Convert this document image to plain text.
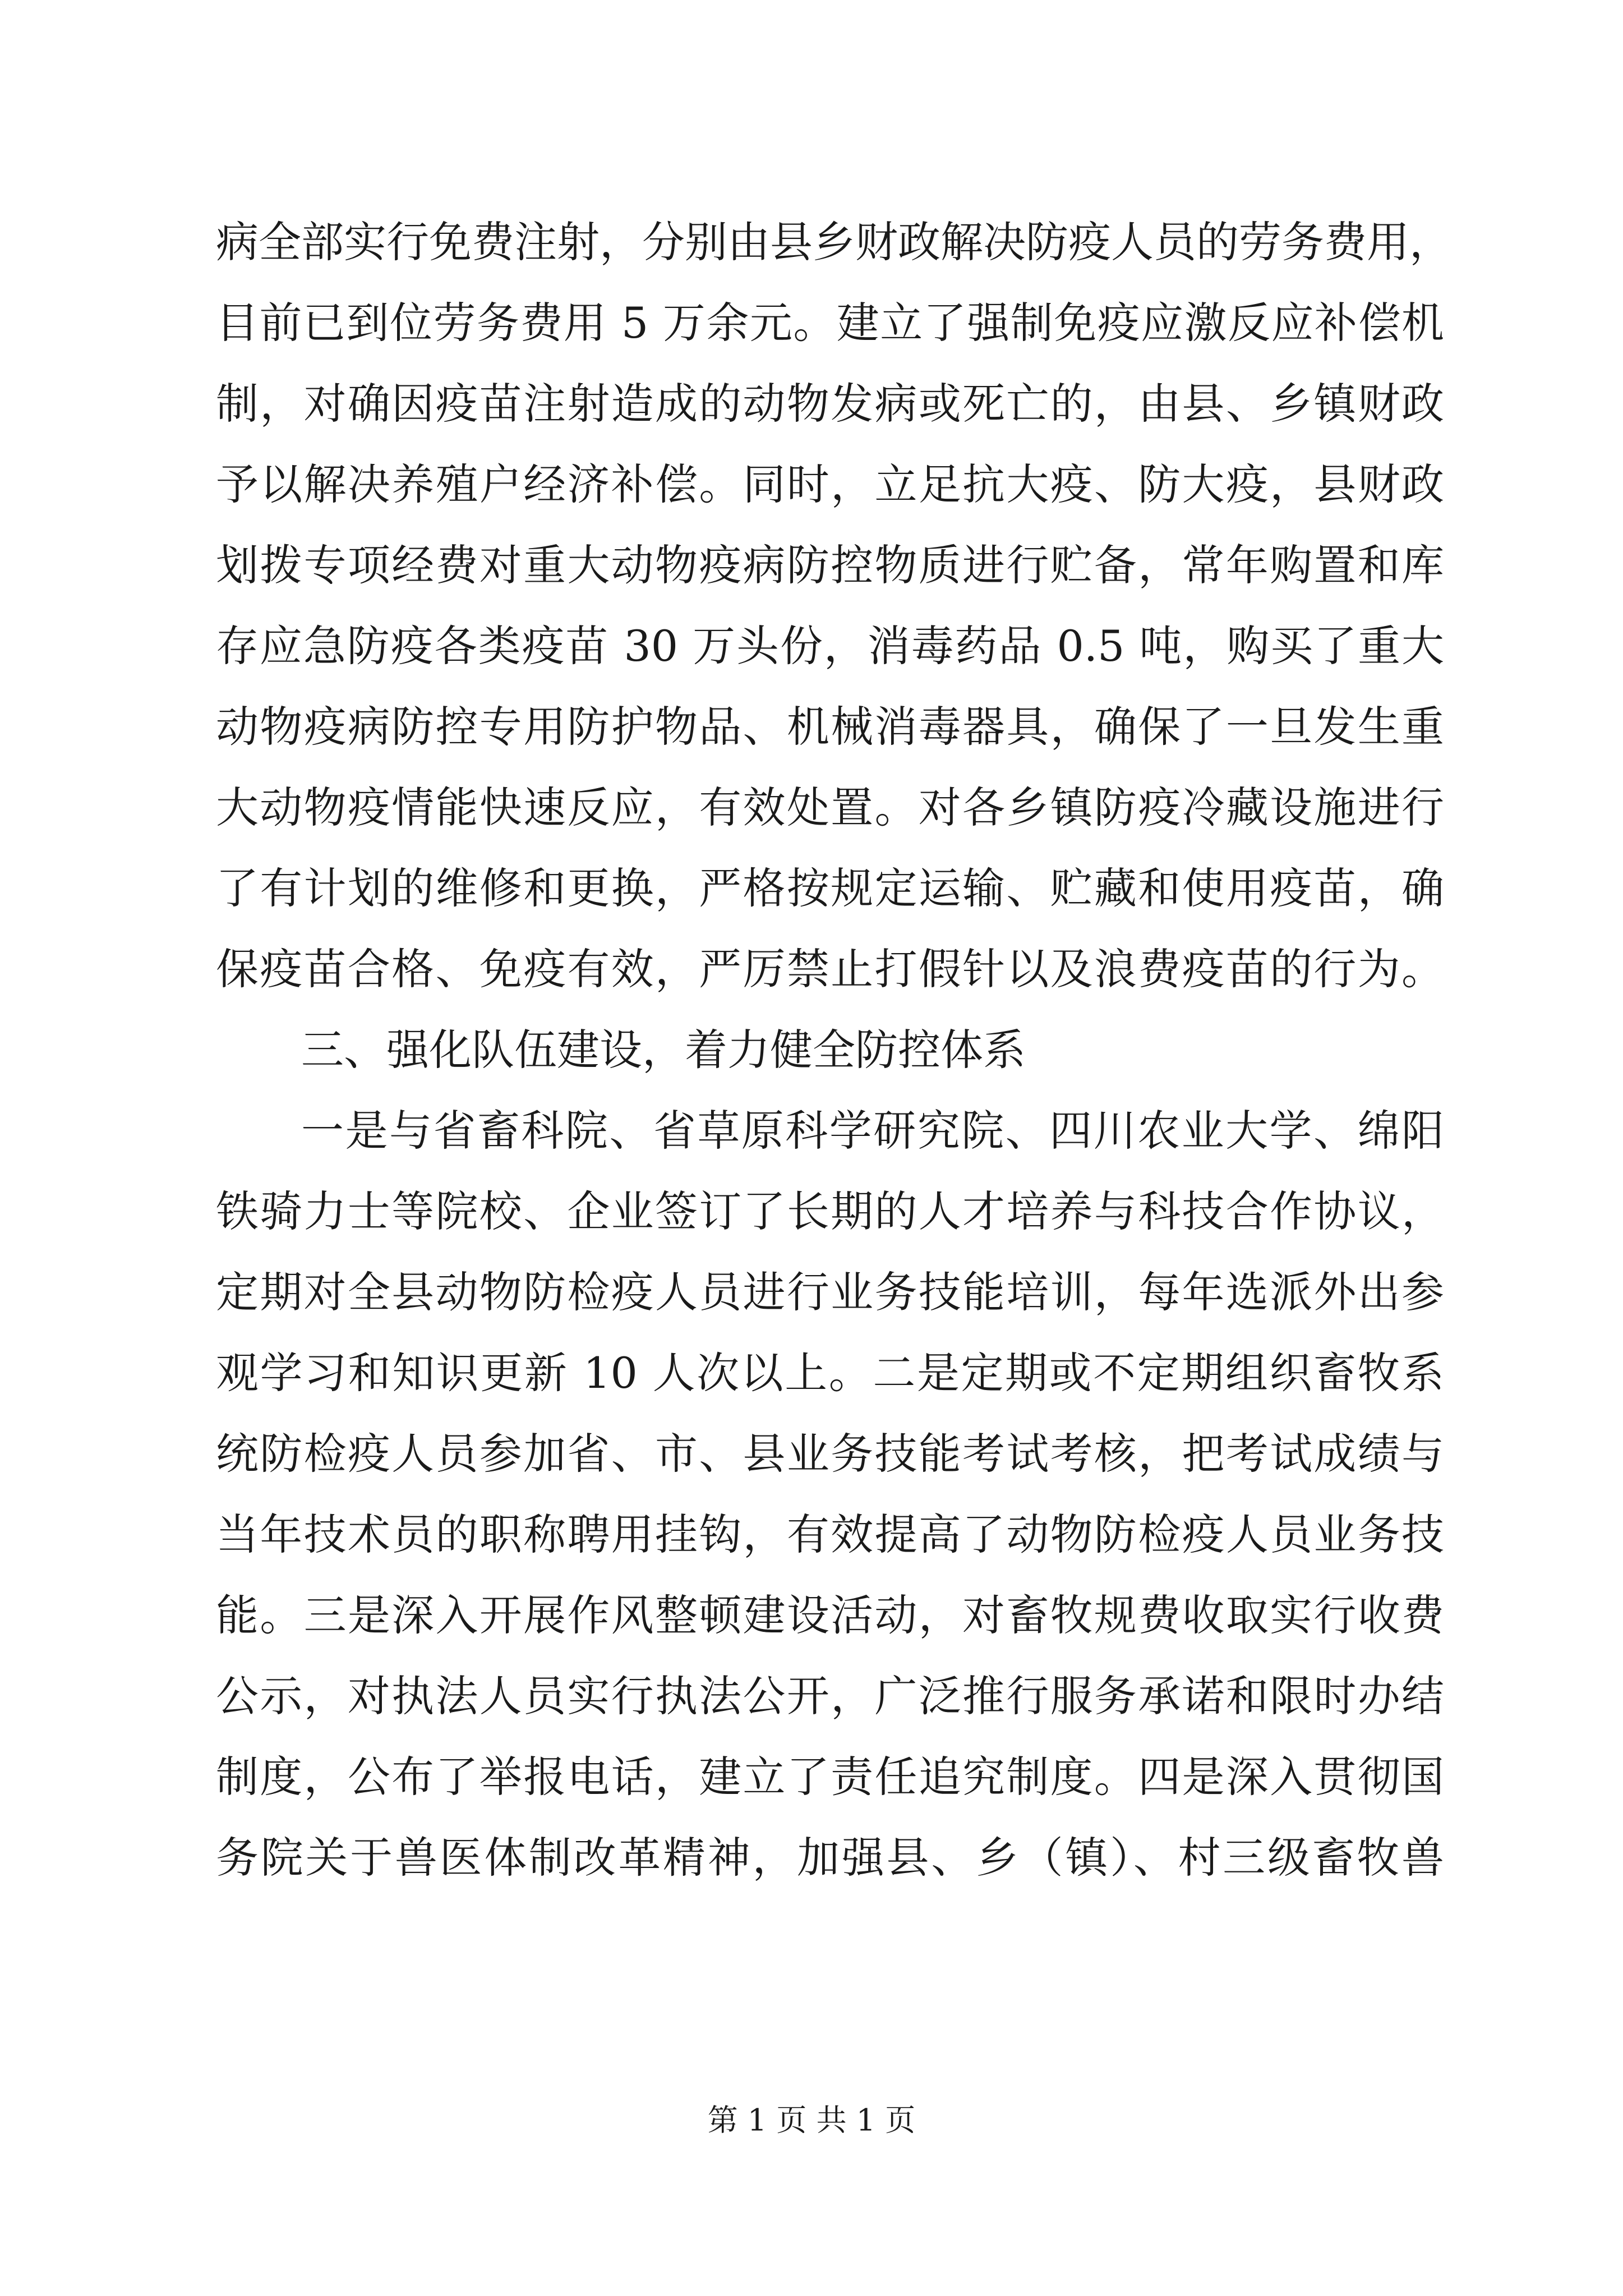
病全部实行免费注射，分别由县乡财政解决防疫人员的劳务费用，
目前已到位劳务费用 5 万余元。建立了强制免疫应激反应补偿机
制，对确因疫苗注射造成的动物发病或死亡的，由县、乡镇财政
予以解决养殖户经济补偿。同时，立足抗大疫、防大疫，县财政
划拨专项经费对重大动物疫病防控物质进行贮备，常年购置和库
存应急防疫各类疫苗 30 万头份，消毒药品 0.5 吨，购买了重大
动物疫病防控专用防护物品、机械消毒器具，确保了一旦发生重
大动物疫情能快速反应，有效处置。对各乡镇防疫冷藏设施进行
了有计划的维修和更换，严格按规定运输、贮藏和使用疫苗，确
保疫苗合格、免疫有效，严厉禁止打假针以及浪费疫苗的行为。
三、强化队伍建设，着力健全防控体系
一是与省畜科院、省草原科学研究院、四川农业大学、绵阳
铁骑力士等院校、企业签订了长期的人才培养与科技合作协议，
定期对全县动物防检疫人员进行业务技能培训，每年选派外出参
观学习和知识更新 10 人次以上。二是定期或不定期组织畜牧系
统防检疫人员参加省、市、县业务技能考试考核，把考试成绩与
当年技术员的职称聘用挂钩，有效提高了动物防检疫人员业务技
能。三是深入开展作风整顿建设活动，对畜牧规费收取实行收费
公示，对执法人员实行执法公开，广泛推行服务承诺和限时办结
制度，公布了举报电话，建立了责任追究制度。四是深入贯彻国
务院关于兽医体制改革精神，加强县、乡（镇）、村三级畜牧兽
第 1 页 共 1 页
